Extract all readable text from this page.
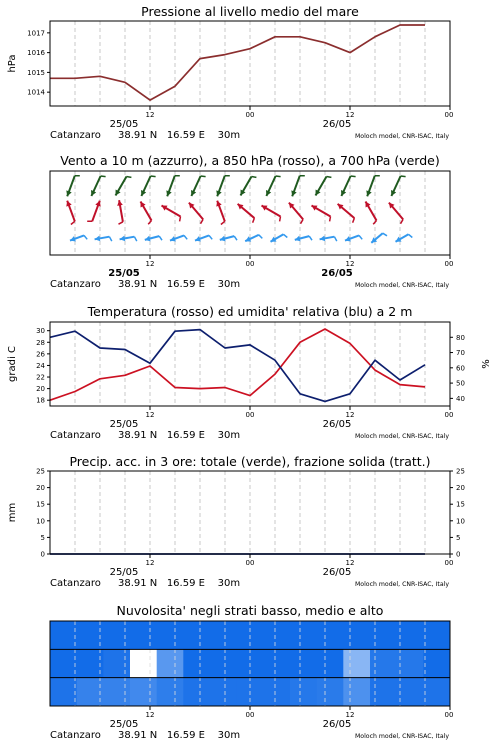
Pressione al livello medio del mare
1014
1015
1016
1017
hPa
12	00	12	00
25/05	26/05
Catanzaro 38.91 N   16.59 E    30m	Moloch model, CNR-ISAC, Italy
Vento a 10 m (azzurro), a 850 hPa (rosso), a 700 hPa (verde)
12	00	12	00
25/05	26/05
Catanzaro 38.91 N   16.59 E    30m	Moloch model, CNR-ISAC, Italy
Temperatura (rosso) ed umidita' relativa (blu) a 2 m
18
20
22
24
26
28
30
gradi C
40
50
60
70
80
%
12	00	12	00
25/05	26/05
Catanzaro 38.91 N   16.59 E    30m	Moloch model, CNR-ISAC, Italy
Precip. acc. in 3 ore: totale (verde), frazione solida (tratt.)
0
5
10
15
20
25
mm
0
5
10
15
20
25
12	00	12	00
25/05	26/05
Catanzaro 38.91 N   16.59 E    30m	Moloch model, CNR-ISAC, Italy
Nuvolosita' negli strati basso, medio e alto
12	00	12	00
25/05	26/05
Catanzaro 38.91 N   16.59 E    30m	Moloch model, CNR-ISAC, Italy
